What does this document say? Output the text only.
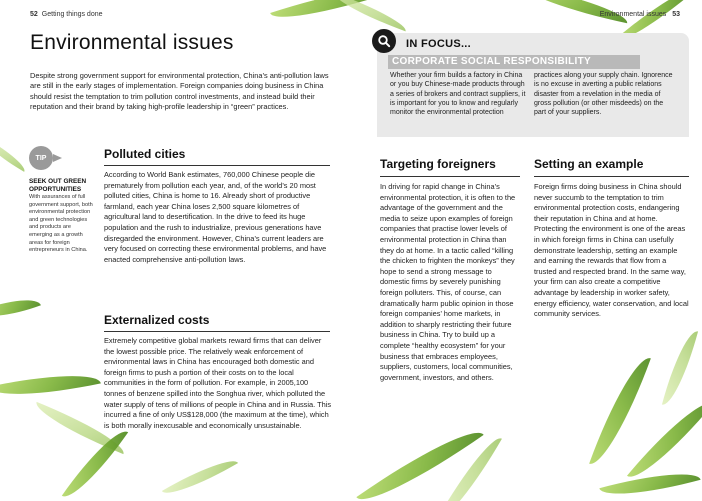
52 Getting things done	Environmental issues 53
Environmental issues

Despite strong government support for environmental protection, China’s anti-pollution laws are still in the early stages of implementation. Foreign companies doing business in China should resist the temptation to trim pollution control investments, and instead build their reputation and their brand by taking high-profile leadership in “green” practices.

TIP
SEEK OUT GREEN OPPORTUNITIES
With assurances of full government support, both environmental protection and green technologies and products are emerging as a growth areas for foreign entrepreneurs in China.
Polluted cities

According to World Bank estimates, 760,000 Chinese people die prematurely from pollution each year, and, of the world’s 20 most polluted cities, China is home to 16. Already short of productive farmland, each year China loses 2,500 square kilometres of agricultural land to desertification. In the drive to feed its huge population and the rush to industrialize, previous generations have disregarded the environment. However, China’s current leaders are very focused on correcting these environmental problems, and have enacted comprehensive anti-pollution laws.

Externalized costs

Extremely competitive global markets reward firms that can deliver the lowest possible price. The relatively weak enforcement of environmental laws in China has encouraged both domestic and foreign firms to push a portion of their costs on to the local communities in the form of pollution. For example, in 2005,100 tonnes of benzene spilled into the Songhua river, which polluted the water supply of tens of millions of people in China and in Russia. This incurred a fine of only US$128,000 (the maximum at the time), which is both morally inexcusable and economically unsustainable.

IN FOCUS...
CORPORATE SOCIAL RESPONSIBILITY

Whether your firm builds a factory in China or you buy Chinese-made products through a series of brokers and contract suppliers, it is important for you to know and regularly monitor the environmental protection

practices along your supply chain. Ignorence is no excuse in averting a public relations disaster from a revelation in the media of gross pollution (or other misdeeds) on the part of your suppliers.

Targeting foreigners

In driving for rapid change in China’s environmental protection, it is often to the advantage of the government and the media to seize upon examples of foreign companies that practise lower levels of environmental protection in China than they do at home. In a tactic called “killing the chicken to frighten the monkeys” they hope to send a strong message to domestic firms by severely punishing foreign polluters. This, of course, can dramatically harm public opinion in those foreign companies’ home markets, in addition to sharply restricting their future business in China. Try to build up a complete “healthy ecosystem” for your business that embraces employees, suppliers, customers, local communities, government, investors, and others.

Setting an example

Foreign firms doing business in China should never succumb to the temptation to trim environmental protection costs, endangering their reputation in China and at home. Protecting the environment is one of the areas in which foreign firms in China can usefully demonstrate leadership, setting an example and earning the rewards that flow from a trusted and respected brand. In the same way, your firm can also create a competitive advantage by leadership in worker safety, energy efficiency, water conservation, and local community services.
